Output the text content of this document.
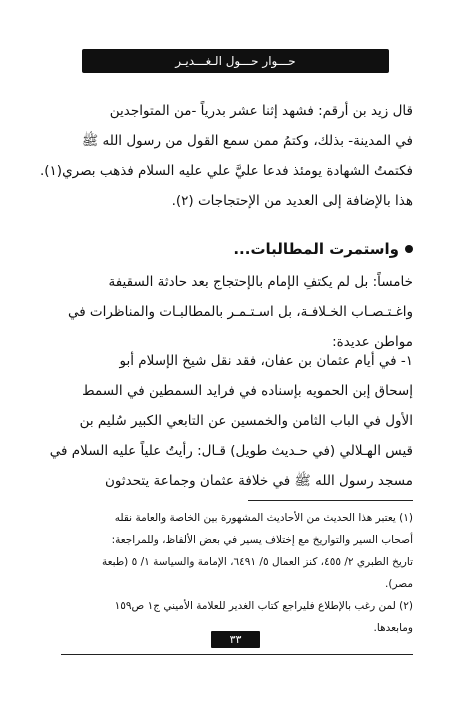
حـــوار حـــول الـغـــديـر
قال زيد بن أرقم: فشهد إثنا عشر بدرياً -من المتواجدين
في المدينة- بذلك، وكتمُ ممن سمع القول من رسول الله ﷺ
فكتمتُ الشهادة يومئذ فدعا عليَّ علي عليه السلام فذهب بصري(١).
هذا بالإضافة إلى العديد من الإحتجاجات (٢).
واستمرت المطالبات...
خامساً: بل لم يكتفِ الإمام بالإحتجاج بعد حادثة السقيفة
واغـتـصـاب الخـلافـة، بل اسـتـمـر بالمطالبـات والمناظرات في
مواطن عديدة:
١- في أيام عثمان بن عفان، فقد نقل شيخ الإسلام أبو
إسحاق إبن الحمويه بإسناده في فرايد السمطين في السمط
الأول في الباب الثامن والخمسين عن التابعي الكبير سُليم بن
قيس الهـلالي (في حـديث طويل) قـال: رأيتُ علياً عليه السلام في
مسجد رسول الله ﷺ في خلافة عثمان وجماعة يتحدثون
(١) يعتبر هذا الحديث من الأحاديث المشهورة بين الخاصة والعامة نقله
أصحاب السير والتواريخ مع إختلاف يسير في بعض الألفاظ، وللمراجعة:
تاريخ الطبري ٢/ ٤٥٥، كنز العمال ٥/ ٦٤٩١، الإمامة والسياسة ١/ ٥ (طبعة
مصر).
(٢) لمن رغب بالإطلاع فليراجع كتاب الغدير للعلامة الأميني ج١ ص١٥٩
ومابعدها.
٣٣
